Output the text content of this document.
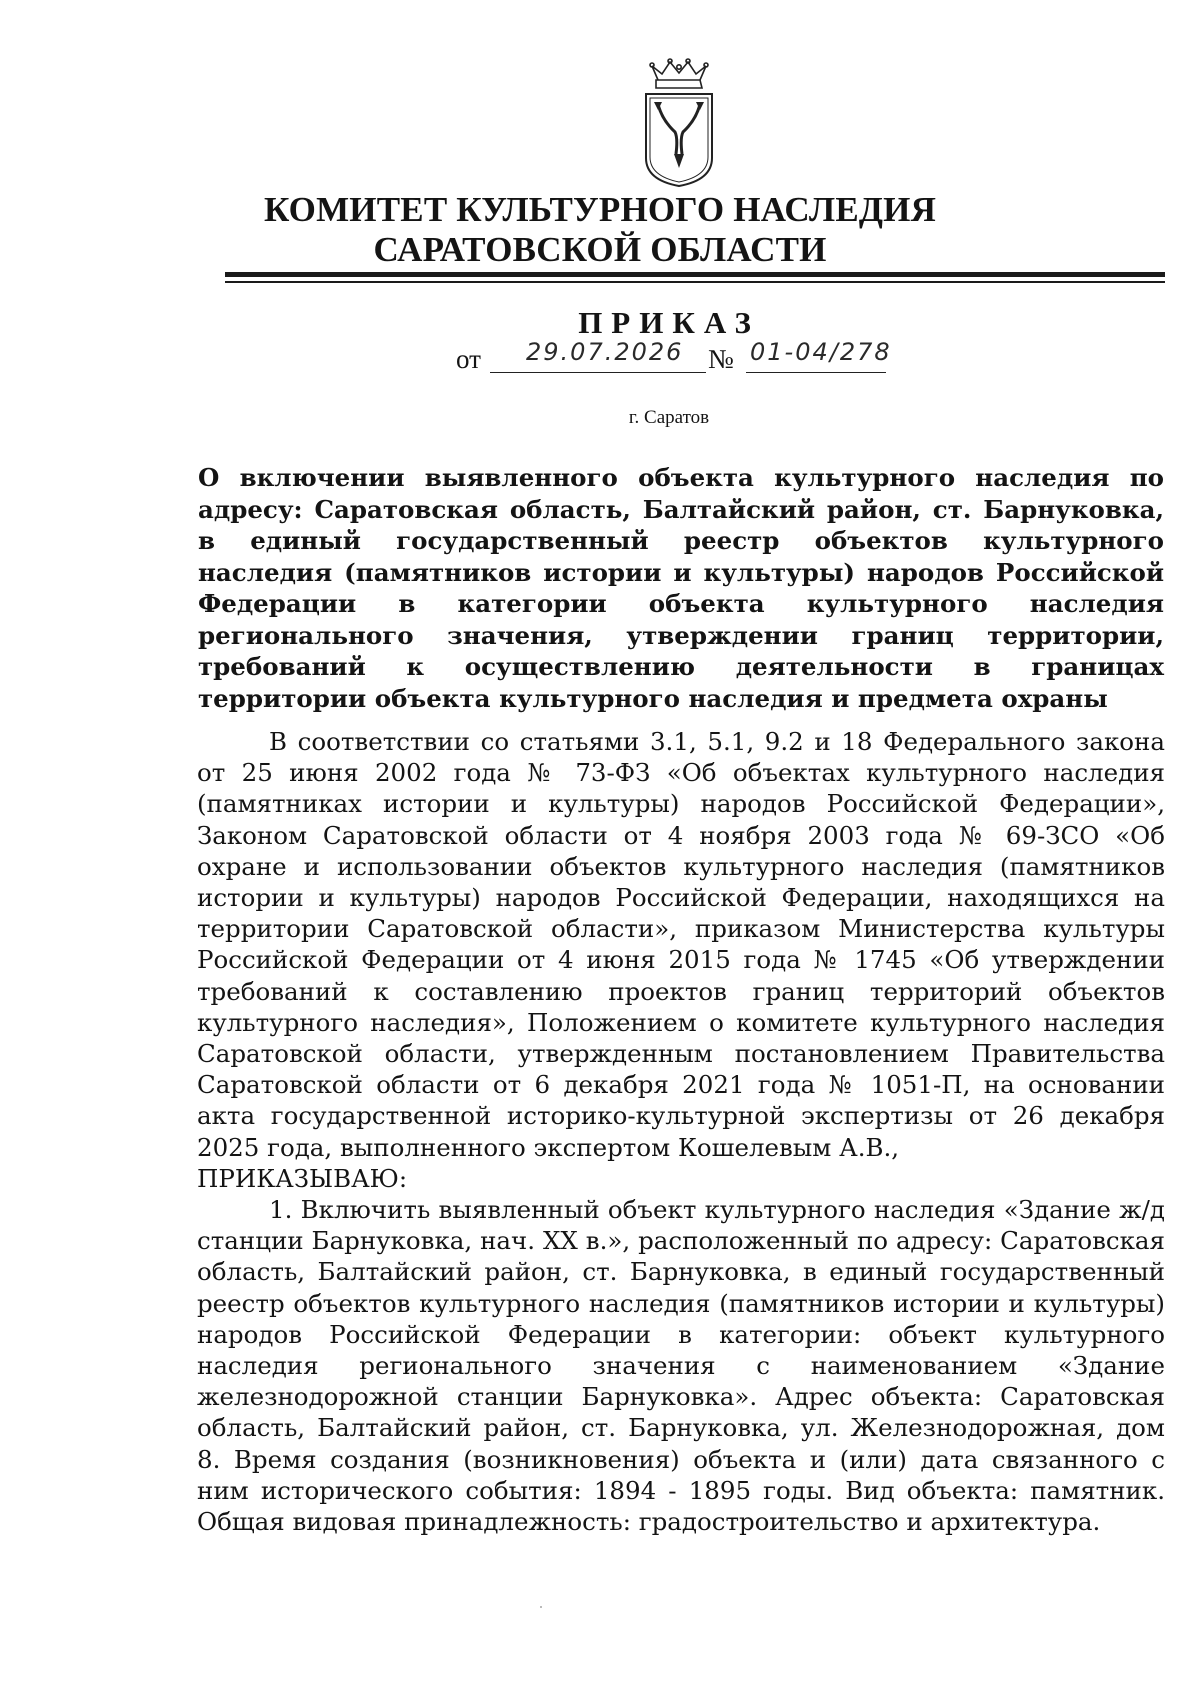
КОМИТЕТ КУЛЬТУРНОГО НАСЛЕДИЯ
САРАТОВСКОЙ ОБЛАСТИ
ПРИКАЗ
от 29.07.2026 № 01-04/278
г. Саратов
О включении выявленного объекта культурного наследия по адресу: Саратовская область, Балтайский район, ст. Барнуковка, в единый государственный реестр объектов культурного наследия (памятников истории и культуры) народов Российской Федерации в категории объекта культурного наследия регионального значения, утверждении границ территории, требований к осуществлению деятельности в границах территории объекта культурного наследия и предмета охраны

В соответствии со статьями 3.1, 5.1, 9.2 и 18 Федерального закона от 25 июня 2002 года № 73-ФЗ «Об объектах культурного наследия (памятниках истории и культуры) народов Российской Федерации», Законом Саратовской области от 4 ноября 2003 года № 69-ЗСО «Об охране и использовании объектов культурного наследия (памятников истории и культуры) народов Российской Федерации, находящихся на территории Саратовской области», приказом Министерства культуры Российской Федерации от 4 июня 2015 года № 1745 «Об утверждении требований к составлению проектов границ территорий объектов культурного наследия», Положением о комитете культурного наследия Саратовской области, утвержденным постановлением Правительства Саратовской области от 6 декабря 2021 года № 1051-П, на основании акта государственной историко-культурной экспертизы от 26 декабря 2025 года, выполненного экспертом Кошелевым А.В.,

ПРИКАЗЫВАЮ:

1. Включить выявленный объект культурного наследия «Здание ж/д станции Барнуковка, нач. XX в.», расположенный по адресу: Саратовская область, Балтайский район, ст. Барнуковка, в единый государственный реестр объектов культурного наследия (памятников истории и культуры) народов Российской Федерации в категории: объект культурного наследия регионального значения с наименованием «Здание железнодорожной станции Барнуковка». Адрес объекта: Саратовская область, Балтайский район, ст. Барнуковка, ул. Железнодорожная, дом 8. Время создания (возникновения) объекта и (или) дата связанного с ним исторического события: 1894 - 1895 годы. Вид объекта: памятник. Общая видовая принадлежность: градостроительство и архитектура.
